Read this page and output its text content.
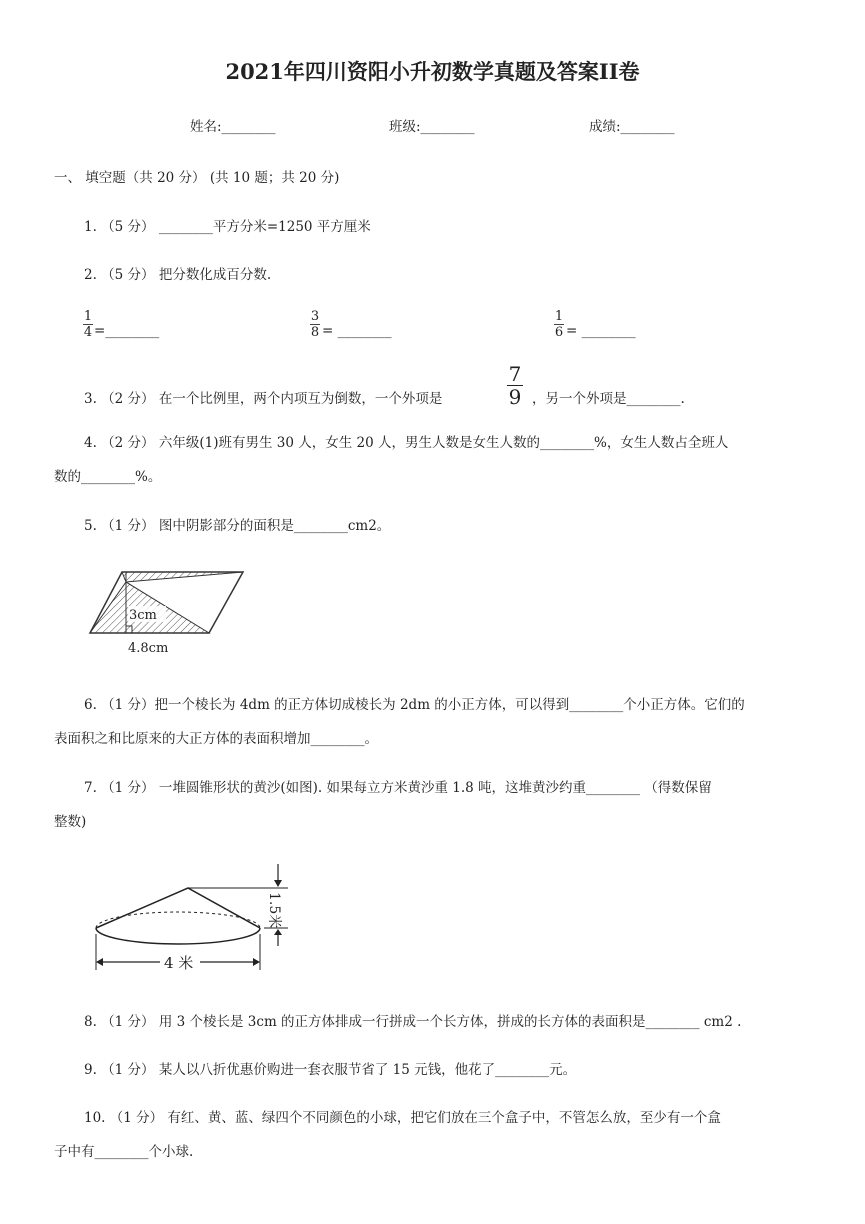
2021年四川资阳小升初数学真题及答案II卷
姓名:________	班级:________	成绩:________
一、 填空题（共 20 分） (共 10 题；共 20 分)
1. （5 分） ________平方分米=1250 平方厘米
2. （5 分） 把分数化成百分数.
1
4 =________
3
8 = ________
1
6 = ________
3. （2 分） 在一个比例里，两个内项互为倒数，一个外项是
7
9 ，另一个外项是________.
4. （2 分） 六年级(1)班有男生 30 人，女生 20 人，男生人数是女生人数的________%，女生人数占全班人
数的________%。
5. （1 分） 图中阴影部分的面积是________cm2。
3cm
4.8cm
6. （1 分）把一个棱长为 4dm 的正方体切成棱长为 2dm 的小正方体，可以得到________个小正方体。它们的
表面积之和比原来的大正方体的表面积增加________。
7. （1 分） 一堆圆锥形状的黄沙(如图). 如果每立方米黄沙重 1.8 吨，这堆黄沙约重________ （得数保留
整数)
1.5米
4 米
8. （1 分） 用 3 个棱长是 3cm 的正方体排成一行拼成一个长方体，拼成的长方体的表面积是________ cm2 .
9. （1 分） 某人以八折优惠价购进一套衣服节省了 15 元钱，他花了________元。
10. （1 分） 有红、黄、蓝、绿四个不同颜色的小球，把它们放在三个盒子中，不管怎么放，至少有一个盒
子中有________个小球.
